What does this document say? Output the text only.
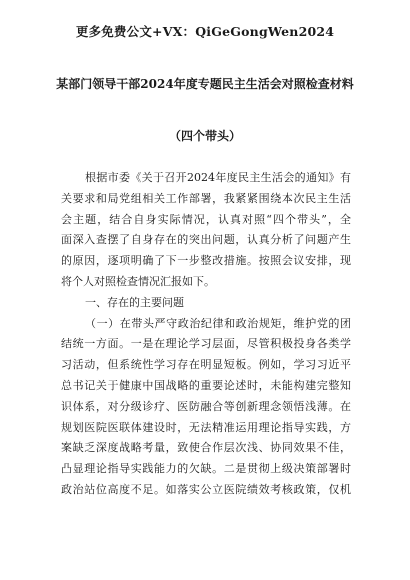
更多免费公文+VX：QiGeGongWen2024
某部门领导干部2024年度专题民主生活会对照检查材料
（四个带头）
根据市委《关于召开2024年度民主生活会的通知》有
关要求和局党组相关工作部署，我紧紧围绕本次民主生活
会主题，结合自身实际情况，认真对照“四个带头”，全
面深入查摆了自身存在的突出问题，认真分析了问题产生
的原因，逐项明确了下一步整改措施。按照会议安排，现
将个人对照检查情况汇报如下。
一、存在的主要问题
（一）在带头严守政治纪律和政治规矩，维护党的团
结统一方面。一是在理论学习层面，尽管积极投身各类学
习活动，但系统性学习存在明显短板。例如，学习习近平
总书记关于健康中国战略的重要论述时，未能构建完整知
识体系，对分级诊疗、医防融合等创新理念领悟浅薄。在
规划医院医联体建设时，无法精准运用理论指导实践，方
案缺乏深度战略考量，致使合作层次浅、协同效果不佳，
凸显理论指导实践能力的欠缺。二是贯彻上级决策部署时
政治站位高度不足。如落实公立医院绩效考核政策，仅机
